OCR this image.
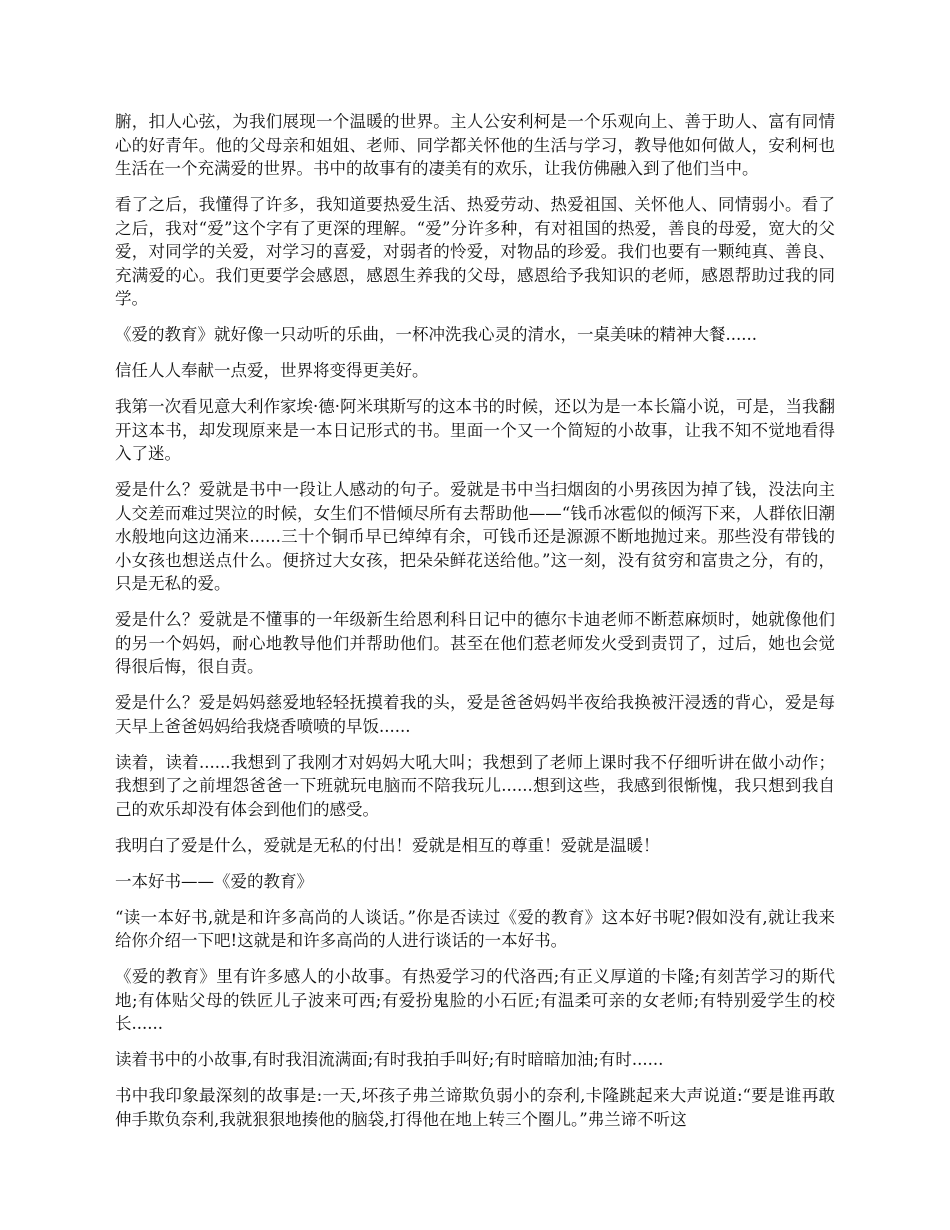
腑，扣人心弦，为我们展现一个温暖的世界。主人公安利柯是一个乐观向上、善于助人、富有同情心的好青年。他的父母亲和姐姐、老师、同学都关怀他的生活与学习，教导他如何做人，安利柯也生活在一个充满爱的世界。书中的故事有的凄美有的欢乐，让我仿佛融入到了他们当中。

看了之后，我懂得了许多，我知道要热爱生活、热爱劳动、热爱祖国、关怀他人、同情弱小。看了之后，我对“爱”这个字有了更深的理解。“爱”分许多种，有对祖国的热爱，善良的母爱，宽大的父爱，对同学的关爱，对学习的喜爱，对弱者的怜爱，对物品的珍爱。我们也要有一颗纯真、善良、充满爱的心。我们更要学会感恩，感恩生养我的父母，感恩给予我知识的老师，感恩帮助过我的同学。

《爱的教育》就好像一只动听的乐曲，一杯冲洗我心灵的清水，一桌美味的精神大餐......

信任人人奉献一点爱，世界将变得更美好。

我第一次看见意大利作家埃·德·阿米琪斯写的这本书的时候，还以为是一本长篇小说，可是，当我翻开这本书，却发现原来是一本日记形式的书。里面一个又一个简短的小故事，让我不知不觉地看得入了迷。

爱是什么？爱就是书中一段让人感动的句子。爱就是书中当扫烟囱的小男孩因为掉了钱，没法向主人交差而难过哭泣的时候，女生们不惜倾尽所有去帮助他——“钱币冰雹似的倾泻下来，人群依旧潮水般地向这边涌来......三十个铜币早已绰绰有余，可钱币还是源源不断地抛过来。那些没有带钱的小女孩也想送点什么。便挤过大女孩，把朵朵鲜花送给他。”这一刻，没有贫穷和富贵之分，有的，只是无私的爱。

爱是什么？爱就是不懂事的一年级新生给恩利科日记中的德尔卡迪老师不断惹麻烦时，她就像他们的另一个妈妈，耐心地教导他们并帮助他们。甚至在他们惹老师发火受到责罚了，过后，她也会觉得很后悔，很自责。

爱是什么？爱是妈妈慈爱地轻轻抚摸着我的头，爱是爸爸妈妈半夜给我换被汗浸透的背心，爱是每天早上爸爸妈妈给我烧香喷喷的早饭......

读着，读着......我想到了我刚才对妈妈大吼大叫；我想到了老师上课时我不仔细听讲在做小动作；我想到了之前埋怨爸爸一下班就玩电脑而不陪我玩儿......想到这些，我感到很惭愧，我只想到我自己的欢乐却没有体会到他们的感受。

我明白了爱是什么，爱就是无私的付出！爱就是相互的尊重！爱就是温暖！

一本好书——《爱的教育》

“读一本好书,就是和许多高尚的人谈话。”你是否读过《爱的教育》这本好书呢?假如没有,就让我来给你介绍一下吧!这就是和许多高尚的人进行谈话的一本好书。

《爱的教育》里有许多感人的小故事。有热爱学习的代洛西;有正义厚道的卡隆;有刻苦学习的斯代地;有体贴父母的铁匠儿子波来可西;有爱扮鬼脸的小石匠;有温柔可亲的女老师;有特别爱学生的校长......

读着书中的小故事,有时我泪流满面;有时我拍手叫好;有时暗暗加油;有时......

书中我印象最深刻的故事是:一天,坏孩子弗兰谛欺负弱小的奈利,卡隆跳起来大声说道:“要是谁再敢伸手欺负奈利,我就狠狠地揍他的脑袋,打得他在地上转三个圈儿。”弗兰谛不听这
